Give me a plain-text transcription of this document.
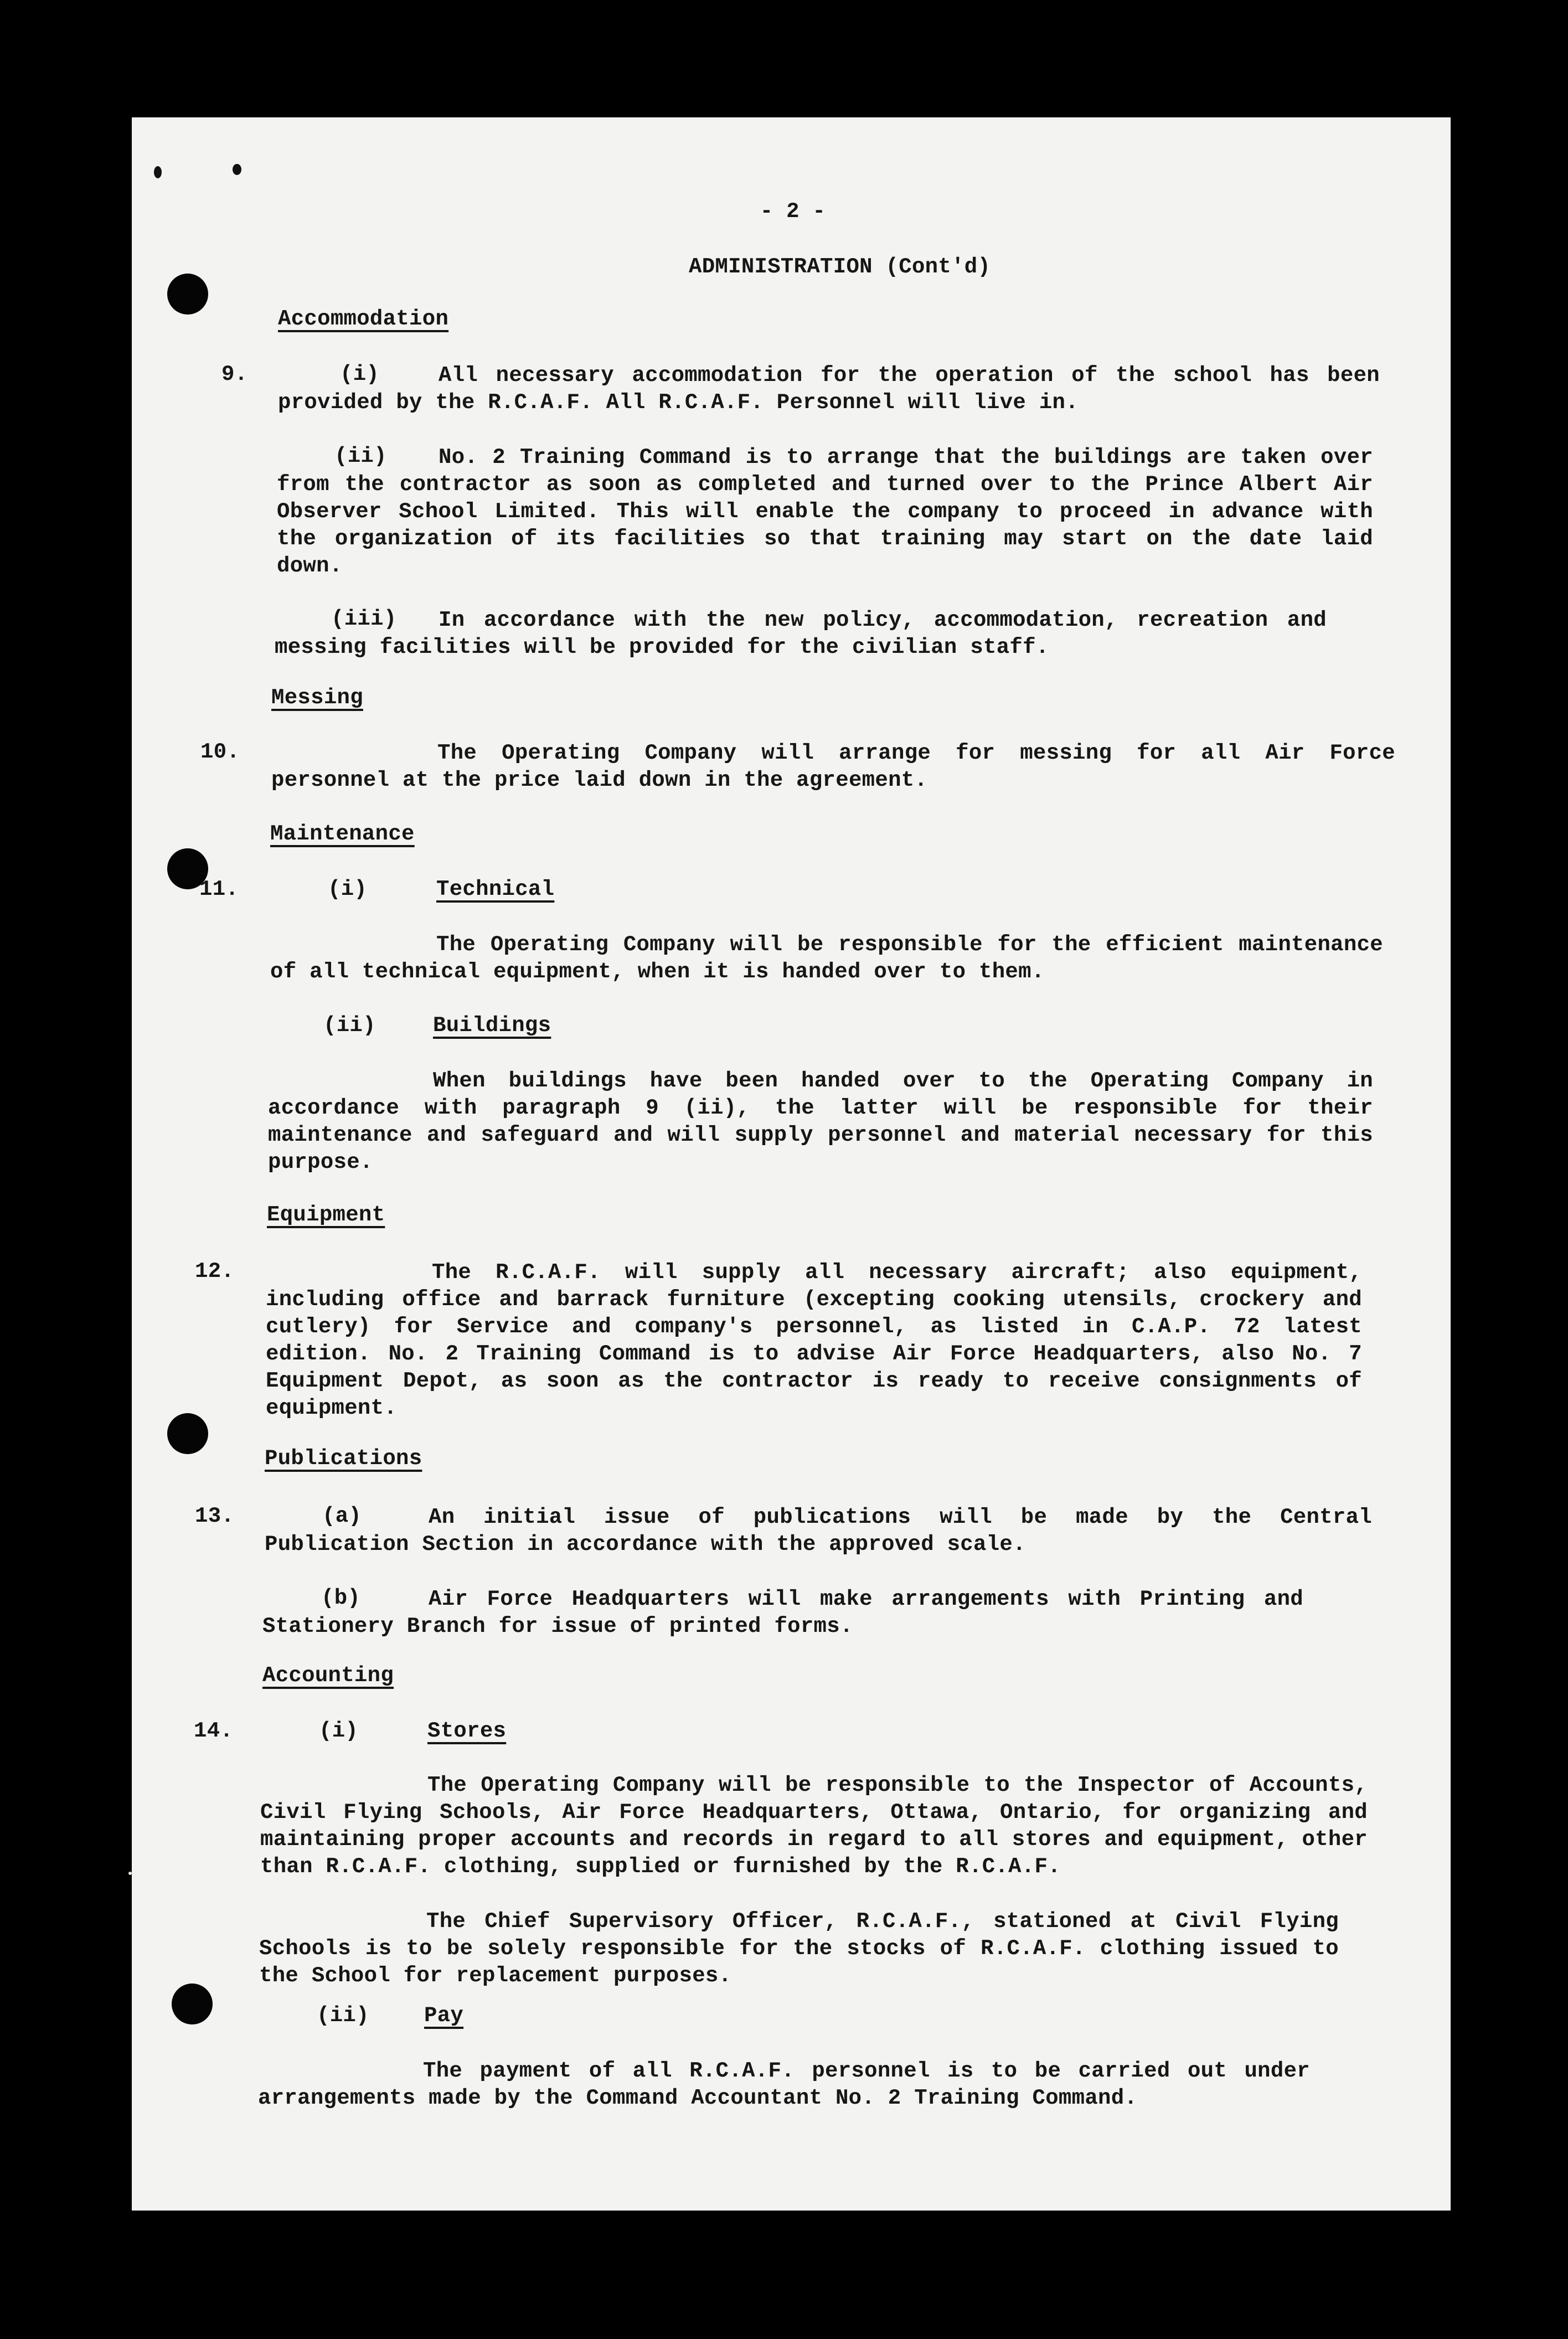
- 2 -
ADMINISTRATION (Cont'd)
Accommodation
9.	(i)	All necessary accommodation for the operation of the school has been provided by the R.C.A.F. All R.C.A.F. Personnel will live in.
(ii)	No. 2 Training Command is to arrange that the buildings are taken over from the contractor as soon as completed and turned over to the Prince Albert Air Observer School Limited. This will enable the company to proceed in advance with the organization of its facilities so that training may start on the date laid down.
(iii)	In accordance with the new policy, accommodation, recreation and messing facilities will be provided for the civilian staff.
Messing
10.	The Operating Company will arrange for messing for all Air Force personnel at the price laid down in the agreement.
Maintenance
11.	(i)	Technical
The Operating Company will be responsible for the efficient maintenance of all technical equipment, when it is handed over to them.
(ii)	Buildings
When buildings have been handed over to the Operating Company in accordance with paragraph 9 (ii), the latter will be responsible for their maintenance and safeguard and will supply personnel and material necessary for this purpose.
Equipment
12.	The R.C.A.F. will supply all necessary aircraft; also equipment, including office and barrack furniture (excepting cooking utensils, crockery and cutlery) for Service and company's personnel, as listed in C.A.P. 72 latest edition. No. 2 Training Command is to advise Air Force Headquarters, also No. 7 Equipment Depot, as soon as the contractor is ready to receive consignments of equipment.
Publications
13.	(a)	An initial issue of publications will be made by the Central Publication Section in accordance with the approved scale.
(b)	Air Force Headquarters will make arrangements with Printing and Stationery Branch for issue of printed forms.
Accounting
14.	(i)	Stores
The Operating Company will be responsible to the Inspector of Accounts, Civil Flying Schools, Air Force Headquarters, Ottawa, Ontario, for organizing and maintaining proper accounts and records in regard to all stores and equipment, other than R.C.A.F. clothing, supplied or furnished by the R.C.A.F.
The Chief Supervisory Officer, R.C.A.F., stationed at Civil Flying Schools is to be solely responsible for the stocks of R.C.A.F. clothing issued to the School for replacement purposes.
(ii)	Pay
The payment of all R.C.A.F. personnel is to be carried out under arrangements made by the Command Accountant No. 2 Training Command.
